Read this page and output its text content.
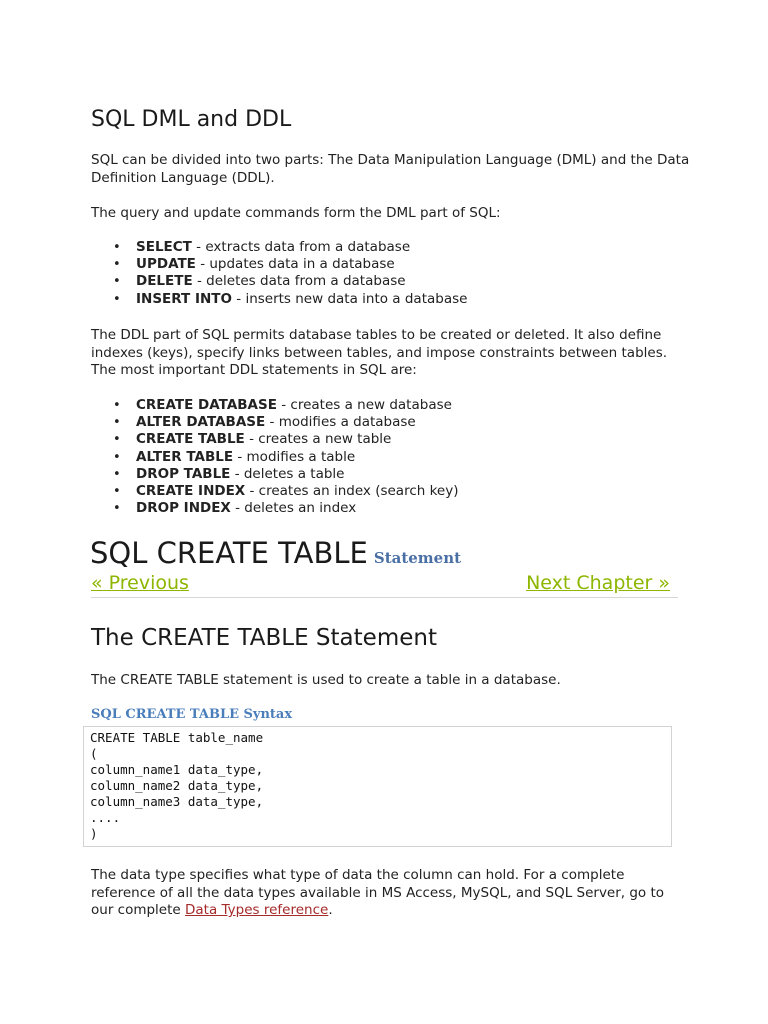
SQL DML and DDL

SQL can be divided into two parts: The Data Manipulation Language (DML) and the Data Definition Language (DDL).

The query and update commands form the DML part of SQL:

• SELECT - extracts data from a database
• UPDATE - updates data in a database
• DELETE - deletes data from a database
• INSERT INTO - inserts new data into a database

The DDL part of SQL permits database tables to be created or deleted. It also define indexes (keys), specify links between tables, and impose constraints between tables. The most important DDL statements in SQL are:

• CREATE DATABASE - creates a new database
• ALTER DATABASE - modifies a database
• CREATE TABLE - creates a new table
• ALTER TABLE - modifies a table
• DROP TABLE - deletes a table
• CREATE INDEX - creates an index (search key)
• DROP INDEX - deletes an index
SQL CREATE TABLE Statement
« Previous	Next Chapter »
The CREATE TABLE Statement

The CREATE TABLE statement is used to create a table in a database.

SQL CREATE TABLE Syntax
CREATE TABLE table_name
(
column_name1 data_type,
column_name2 data_type,
column_name3 data_type,
....
)

The data type specifies what type of data the column can hold. For a complete reference of all the data types available in MS Access, MySQL, and SQL Server, go to our complete Data Types reference.
